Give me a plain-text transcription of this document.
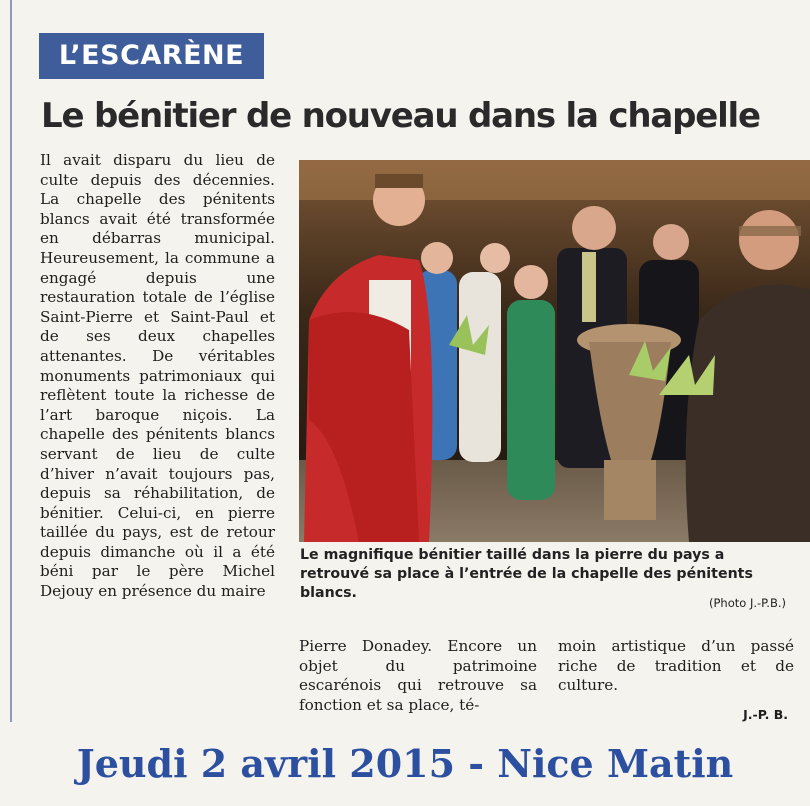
L’ESCARÈNE
Le bénitier de nouveau dans la chapelle

Il avait disparu du lieu de culte depuis des décennies. La chapelle des pénitents blancs avait été transformée en débarras municipal. Heureusement, la commune a engagé depuis une restauration totale de l’église Saint-Pierre et Saint-Paul et de ses deux chapelles attenantes. De véritables monuments patrimoniaux qui reflètent toute la richesse de l’art baroque niçois. La chapelle des pénitents blancs servant de lieu de culte d’hiver n’avait toujours pas, depuis sa réhabilitation, de bénitier. Celui-ci, en pierre taillée du pays, est de retour depuis dimanche où il a été béni par le père Michel Dejouy en présence du maire

Le magnifique bénitier taillé dans la pierre du pays a retrouvé sa place à l’entrée de la chapelle des pénitents blancs.

(Photo J.-P.B.)

Pierre Donadey. Encore un objet du patrimoine escarénois qui retrouve sa fonction et sa place, té-

moin artistique d’un passé riche de tradition et de culture.

J.-P. B.
Jeudi 2 avril 2015 - Nice Matin
